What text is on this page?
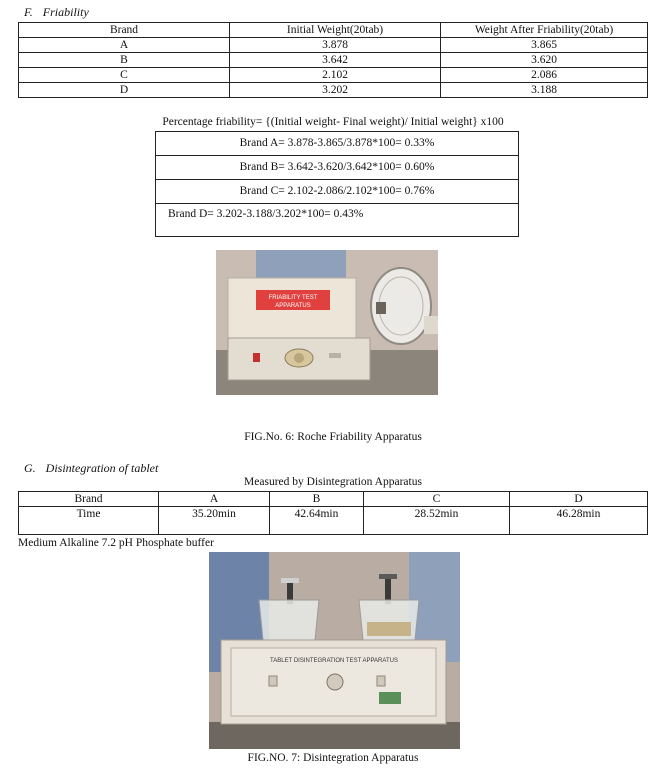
F. Friability
Brand	Initial Weight(20tab)	Weight After Friability(20tab)
A	3.878	3.865
B	3.642	3.620
C	2.102	2.086
D	3.202	3.188
Percentage friability= {(Initial weight- Final weight)/ Initial weight} x100
Brand A= 3.878-3.865/3.878*100= 0.33%
Brand B= 3.642-3.620/3.642*100= 0.60%
Brand C= 2.102-2.086/2.102*100= 0.76%
Brand D= 3.202-3.188/3.202*100= 0.43%
FRIABILITY TEST
APPARATUS
FIG.No. 6: Roche Friability Apparatus
G. Disintegration of tablet
Measured by Disintegration Apparatus
Brand	A	B	C	D
Time	35.20min	42.64min	28.52min	46.28min
Medium Alkaline 7.2 pH Phosphate buffer
TABLET DISINTEGRATION TEST APPARATUS
FIG.NO. 7: Disintegration Apparatus
